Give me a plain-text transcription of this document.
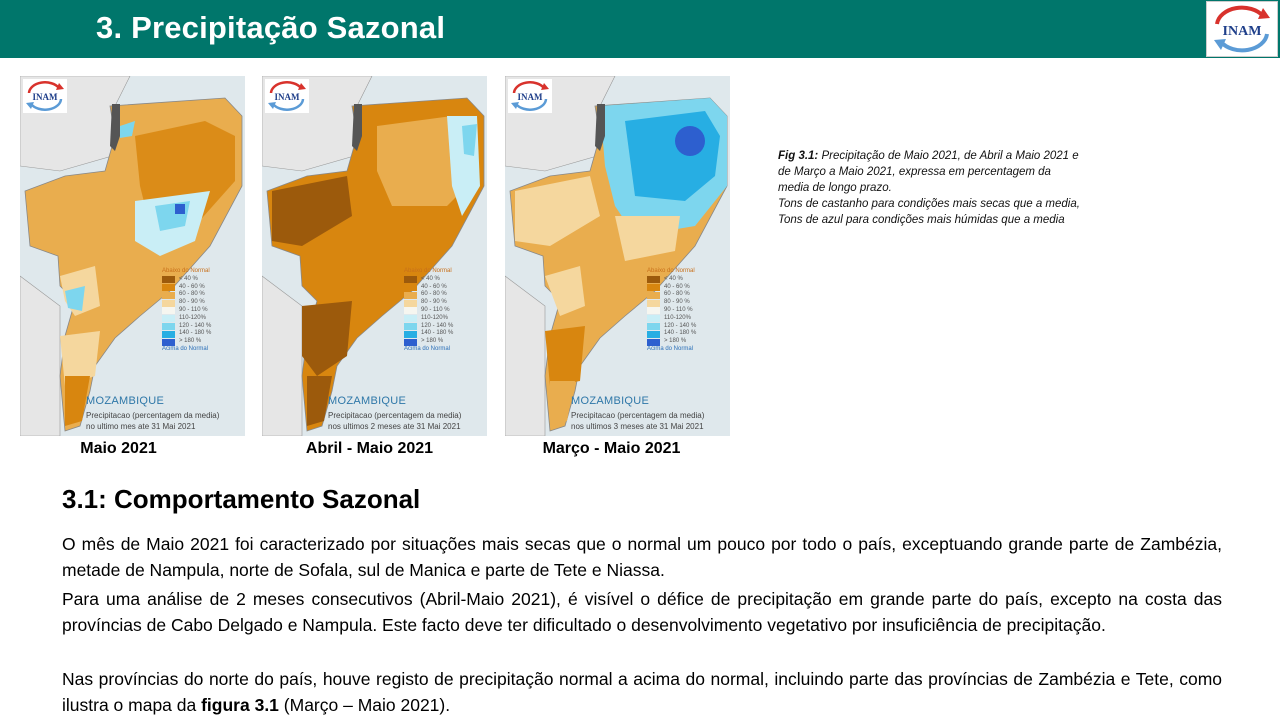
3. Precipitação Sazonal	INAM
INAM
Abaixo do Normal
< 40 %
40 - 60 %
60 - 80 %
80 - 90 %
90 - 110 %
110-120%
120 - 140 %
140 - 180 %
> 180 %
Acima do Normal
MOZAMBIQUE
Precipitacao (percentagem da media)
no ultimo mes ate 31 Mai 2021
Maio 2021
INAM
Abaixo do Normal
< 40 %
40 - 60 %
60 - 80 %
80 - 90 %
90 - 110 %
110-120%
120 - 140 %
140 - 180 %
> 180 %
Acima do Normal
MOZAMBIQUE
Precipitacao (percentagem da media)
nos ultimos 2 meses ate 31 Mai 2021
Abril - Maio 2021
INAM
Abaixo do Normal
< 40 %
40 - 60 %
60 - 80 %
80 - 90 %
90 - 110 %
110-120%
120 - 140 %
140 - 180 %
> 180 %
Acima do Normal
MOZAMBIQUE
Precipitacao (percentagem da media)
nos ultimos 3 meses ate 31 Mai 2021
Março - Maio 2021
Fig 3.1: Precipitação de Maio 2021, de Abril a Maio 2021 e
de Março a Maio 2021, expressa em percentagem da
media de longo prazo.
Tons de castanho para condições mais secas que a media,
Tons de azul para condições mais húmidas que a media
3.1: Comportamento Sazonal

O mês de Maio 2021 foi caracterizado por situações mais secas que o normal um pouco por todo o país, exceptuando grande parte de Zambézia, metade de Nampula, norte de Sofala, sul de Manica e parte de Tete e Niassa.

Para uma análise de 2 meses consecutivos (Abril-Maio 2021), é visível o défice de precipitação em grande parte do país, excepto na costa das províncias de Cabo Delgado e Nampula. Este facto deve ter dificultado o desenvolvimento vegetativo por insuficiência de precipitação.

Nas províncias do norte do país, houve registo de precipitação normal a acima do normal, incluindo parte das províncias de Zambézia e Tete, como ilustra o mapa da figura 3.1 (Março – Maio 2021).
